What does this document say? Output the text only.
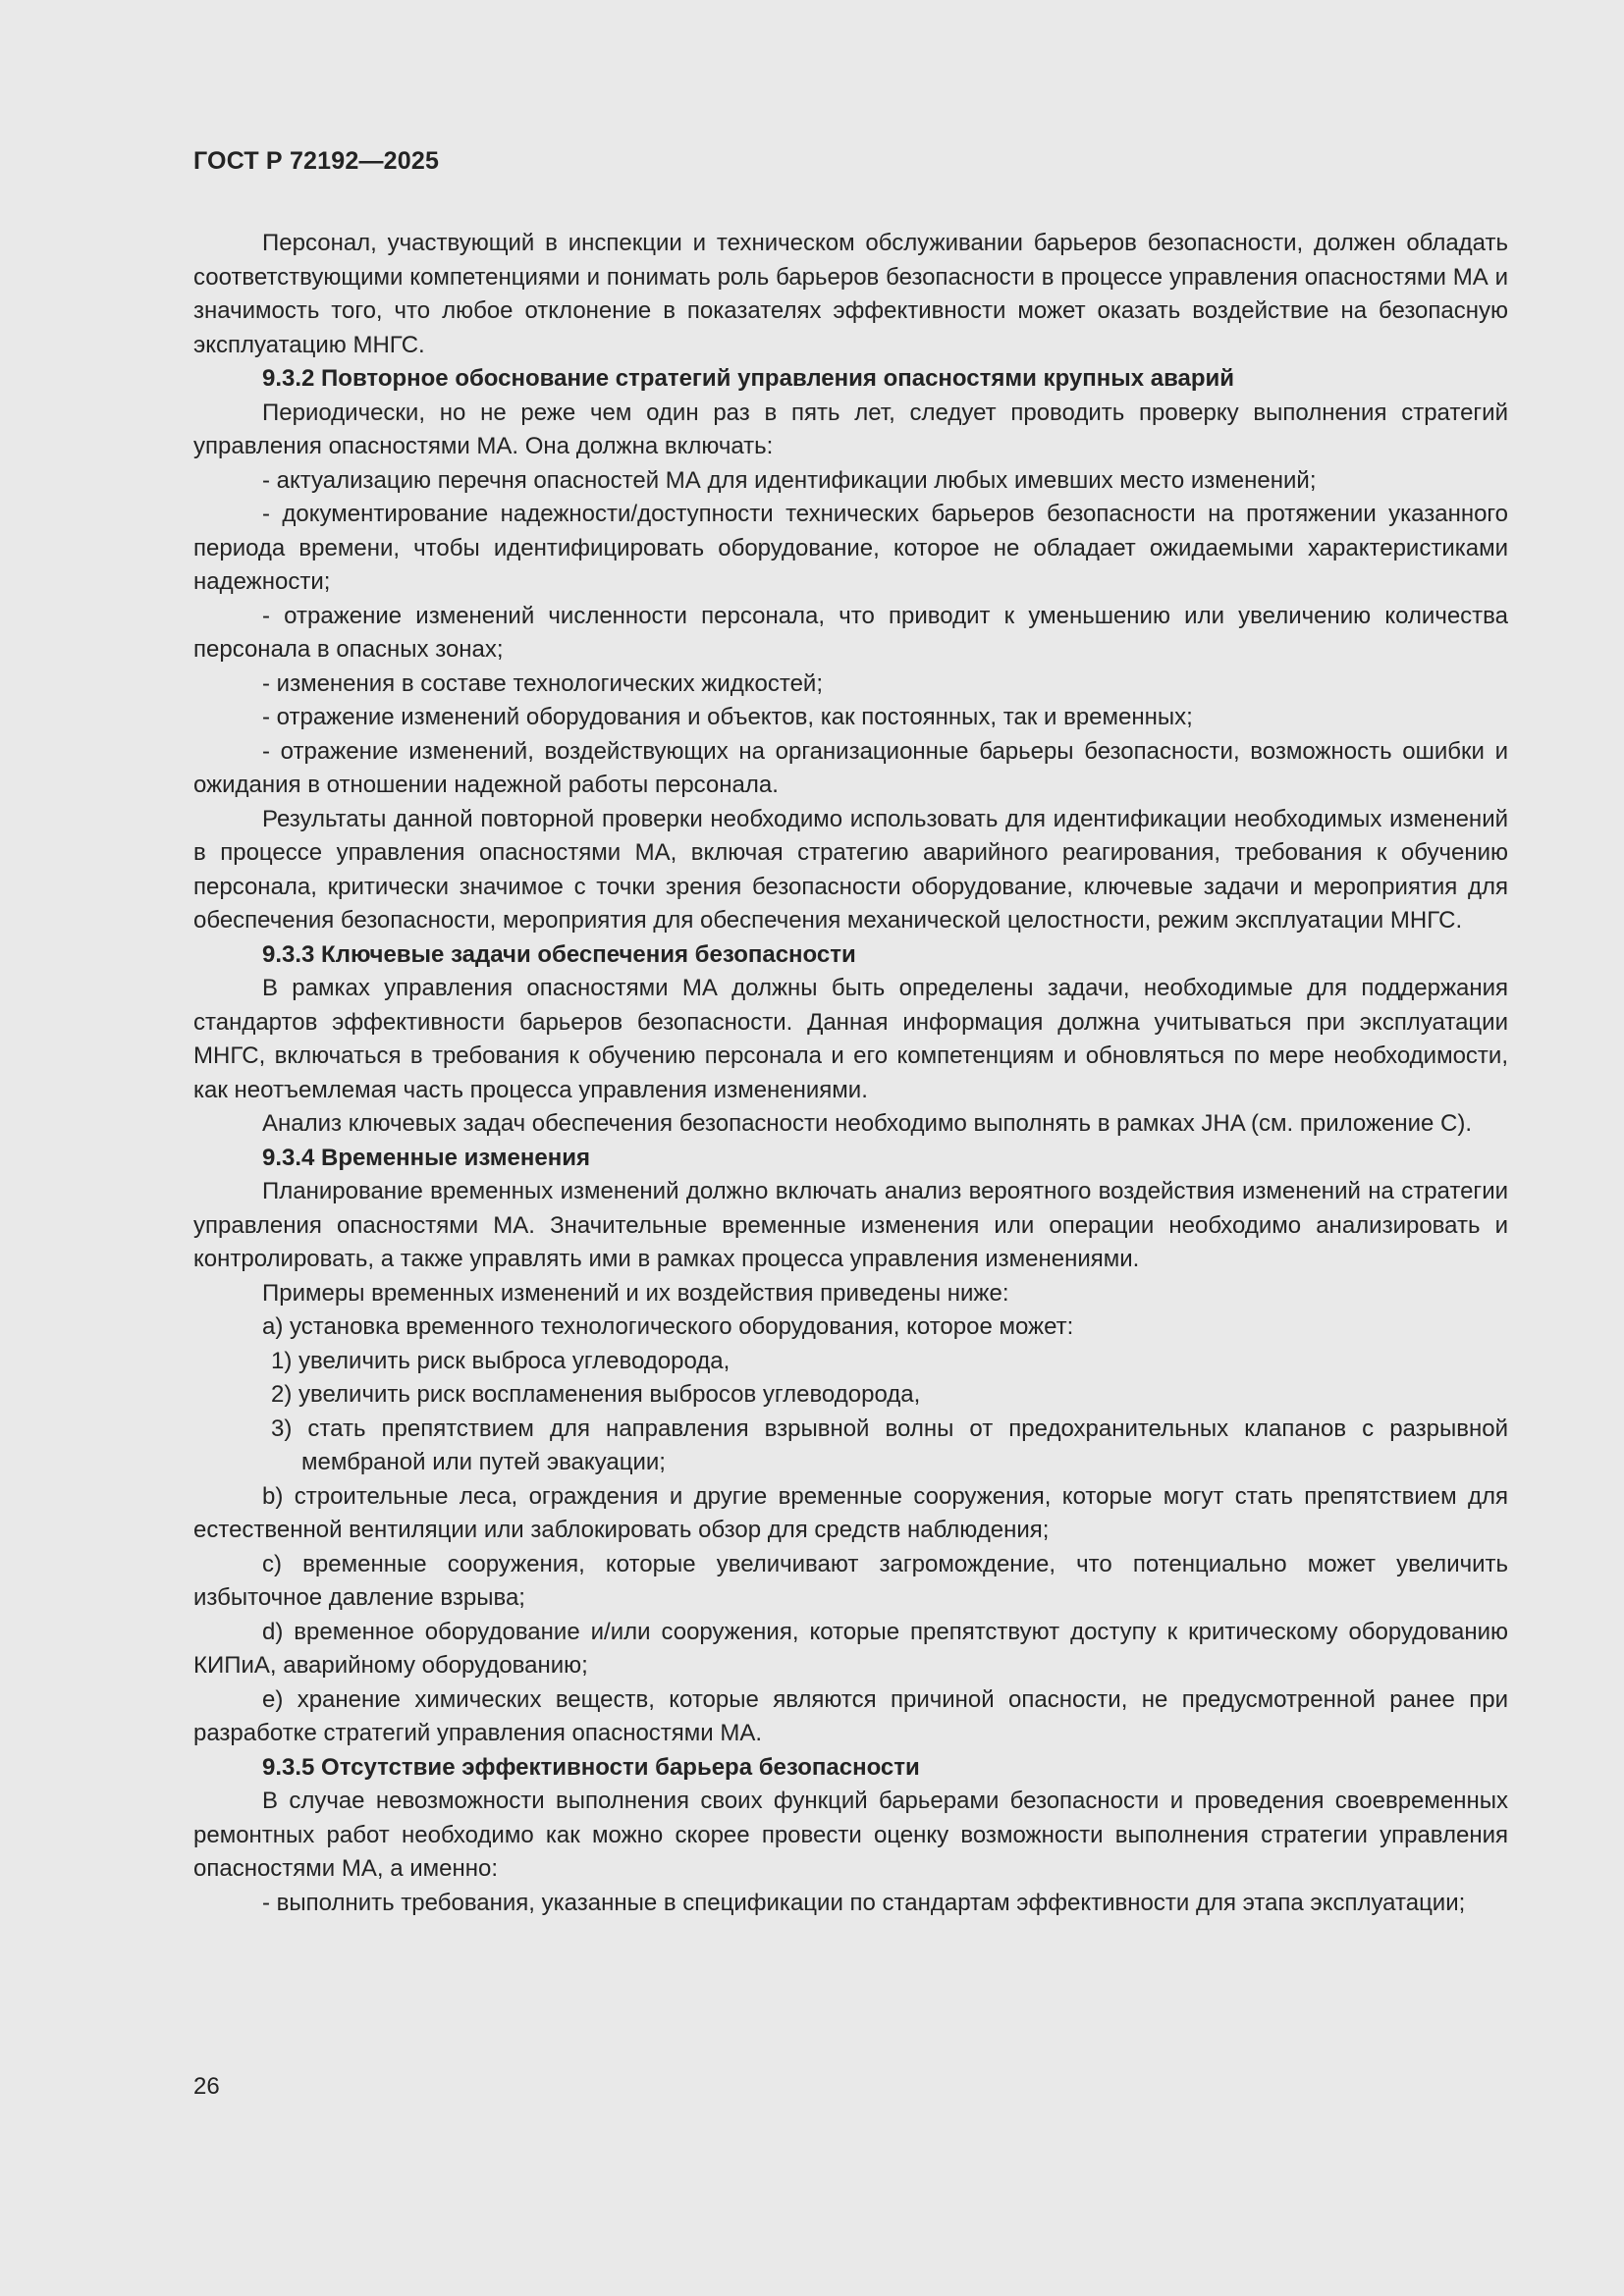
ГОСТ Р 72192—2025

Персонал, участвующий в инспекции и техническом обслуживании барьеров безопасности, должен обладать соответствующими компетенциями и понимать роль барьеров безопасности в процессе управления опасностями МА и значимость того, что любое отклонение в показателях эффективности может оказать воздействие на безопасную эксплуатацию МНГС.

9.3.2 Повторное обоснование стратегий управления опасностями крупных аварий

Периодически, но не реже чем один раз в пять лет, следует проводить проверку выполнения стратегий управления опасностями МА. Она должна включать:

- актуализацию перечня опасностей МА для идентификации любых имевших место изменений;

- документирование надежности/доступности технических барьеров безопасности на протяжении указанного периода времени, чтобы идентифицировать оборудование, которое не обладает ожидаемыми характеристиками надежности;

- отражение изменений численности персонала, что приводит к уменьшению или увеличению количества персонала в опасных зонах;

- изменения в составе технологических жидкостей;

- отражение изменений оборудования и объектов, как постоянных, так и временных;

- отражение изменений, воздействующих на организационные барьеры безопасности, возможность ошибки и ожидания в отношении надежной работы персонала.

Результаты данной повторной проверки необходимо использовать для идентификации необходимых изменений в процессе управления опасностями МА, включая стратегию аварийного реагирования, требования к обучению персонала, критически значимое с точки зрения безопасности оборудование, ключевые задачи и мероприятия для обеспечения безопасности, мероприятия для обеспечения механической целостности, режим эксплуатации МНГС.

9.3.3 Ключевые задачи обеспечения безопасности

В рамках управления опасностями МА должны быть определены задачи, необходимые для поддержания стандартов эффективности барьеров безопасности. Данная информация должна учитываться при эксплуатации МНГС, включаться в требования к обучению персонала и его компетенциям и обновляться по мере необходимости, как неотъемлемая часть процесса управления изменениями.

Анализ ключевых задач обеспечения безопасности необходимо выполнять в рамках JHA (см. приложение С).

9.3.4 Временные изменения

Планирование временных изменений должно включать анализ вероятного воздействия изменений на стратегии управления опасностями МА. Значительные временные изменения или операции необходимо анализировать и контролировать, а также управлять ими в рамках процесса управления изменениями.

Примеры временных изменений и их воздействия приведены ниже:

a) установка временного технологического оборудования, которое может:

1) увеличить риск выброса углеводорода,

2) увеличить риск воспламенения выбросов углеводорода,

3) стать препятствием для направления взрывной волны от предохранительных клапанов с разрывной мембраной или путей эвакуации;

b) строительные леса, ограждения и другие временные сооружения, которые могут стать препятствием для естественной вентиляции или заблокировать обзор для средств наблюдения;

c) временные сооружения, которые увеличивают загромождение, что потенциально может увеличить избыточное давление взрыва;

d) временное оборудование и/или сооружения, которые препятствуют доступу к критическому оборудованию КИПиА, аварийному оборудованию;

e) хранение химических веществ, которые являются причиной опасности, не предусмотренной ранее при разработке стратегий управления опасностями МА.

9.3.5 Отсутствие эффективности барьера безопасности

В случае невозможности выполнения своих функций барьерами безопасности и проведения своевременных ремонтных работ необходимо как можно скорее провести оценку возможности выполнения стратегии управления опасностями МА, а именно:

- выполнить требования, указанные в спецификации по стандартам эффективности для этапа эксплуатации;

26
